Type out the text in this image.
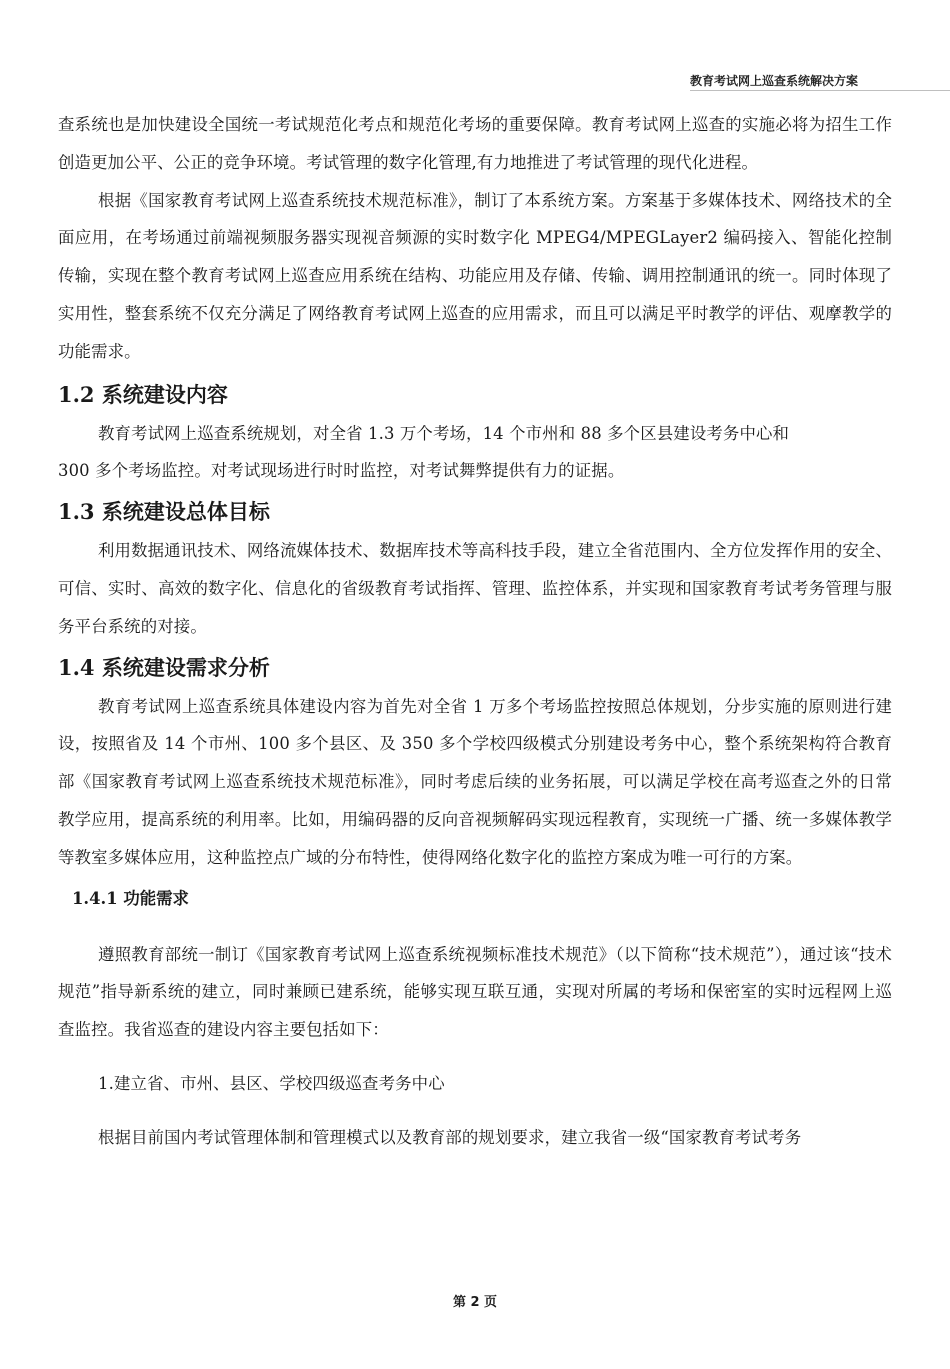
教育考试网上巡查系统解决方案

查系统也是加快建设全国统一考试规范化考点和规范化考场的重要保障。教育考试网上巡查的实施必将为招生工作创造更加公平、公正的竞争环境。考试管理的数字化管理,有力地推进了考试管理的现代化进程。

根据《国家教育考试网上巡查系统技术规范标准》，制订了本系统方案。方案基于多媒体技术、网络技术的全面应用，在考场通过前端视频服务器实现视音频源的实时数字化 MPEG4/MPEGLayer2 编码接入、智能化控制传输，实现在整个教育考试网上巡查应用系统在结构、功能应用及存储、传输、调用控制通讯的统一。同时体现了实用性，整套系统不仅充分满足了网络教育考试网上巡查的应用需求，而且可以满足平时教学的评估、观摩教学的功能需求。

1.2 系统建设内容

教育考试网上巡查系统规划，对全省 1.3 万个考场，14 个市州和 88 多个区县建设考务中心和

300 多个考场监控。对考试现场进行时时监控，对考试舞弊提供有力的证据。

1.3 系统建设总体目标

利用数据通讯技术、网络流媒体技术、数据库技术等高科技手段，建立全省范围内、全方位发挥作用的安全、可信、实时、高效的数字化、信息化的省级教育考试指挥、管理、监控体系，并实现和国家教育考试考务管理与服务平台系统的对接。

1.4 系统建设需求分析

教育考试网上巡查系统具体建设内容为首先对全省 1 万多个考场监控按照总体规划，分步实施的原则进行建设，按照省及 14 个市州、100 多个县区、及 350 多个学校四级模式分别建设考务中心，整个系统架构符合教育部《国家教育考试网上巡查系统技术规范标准》，同时考虑后续的业务拓展，可以满足学校在高考巡查之外的日常教学应用，提高系统的利用率。比如，用编码器的反向音视频解码实现远程教育，实现统一广播、统一多媒体教学等教室多媒体应用，这种监控点广域的分布特性，使得网络化数字化的监控方案成为唯一可行的方案。

1.4.1 功能需求

遵照教育部统一制订《国家教育考试网上巡查系统视频标准技术规范》（以下简称“技术规范”），通过该“技术规范”指导新系统的建立，同时兼顾已建系统，能够实现互联互通，实现对所属的考场和保密室的实时远程网上巡查监控。我省巡查的建设内容主要包括如下：

1.建立省、市州、县区、学校四级巡查考务中心

根据目前国内考试管理体制和管理模式以及教育部的规划要求，建立我省一级“国家教育考试考务

第 2 页
